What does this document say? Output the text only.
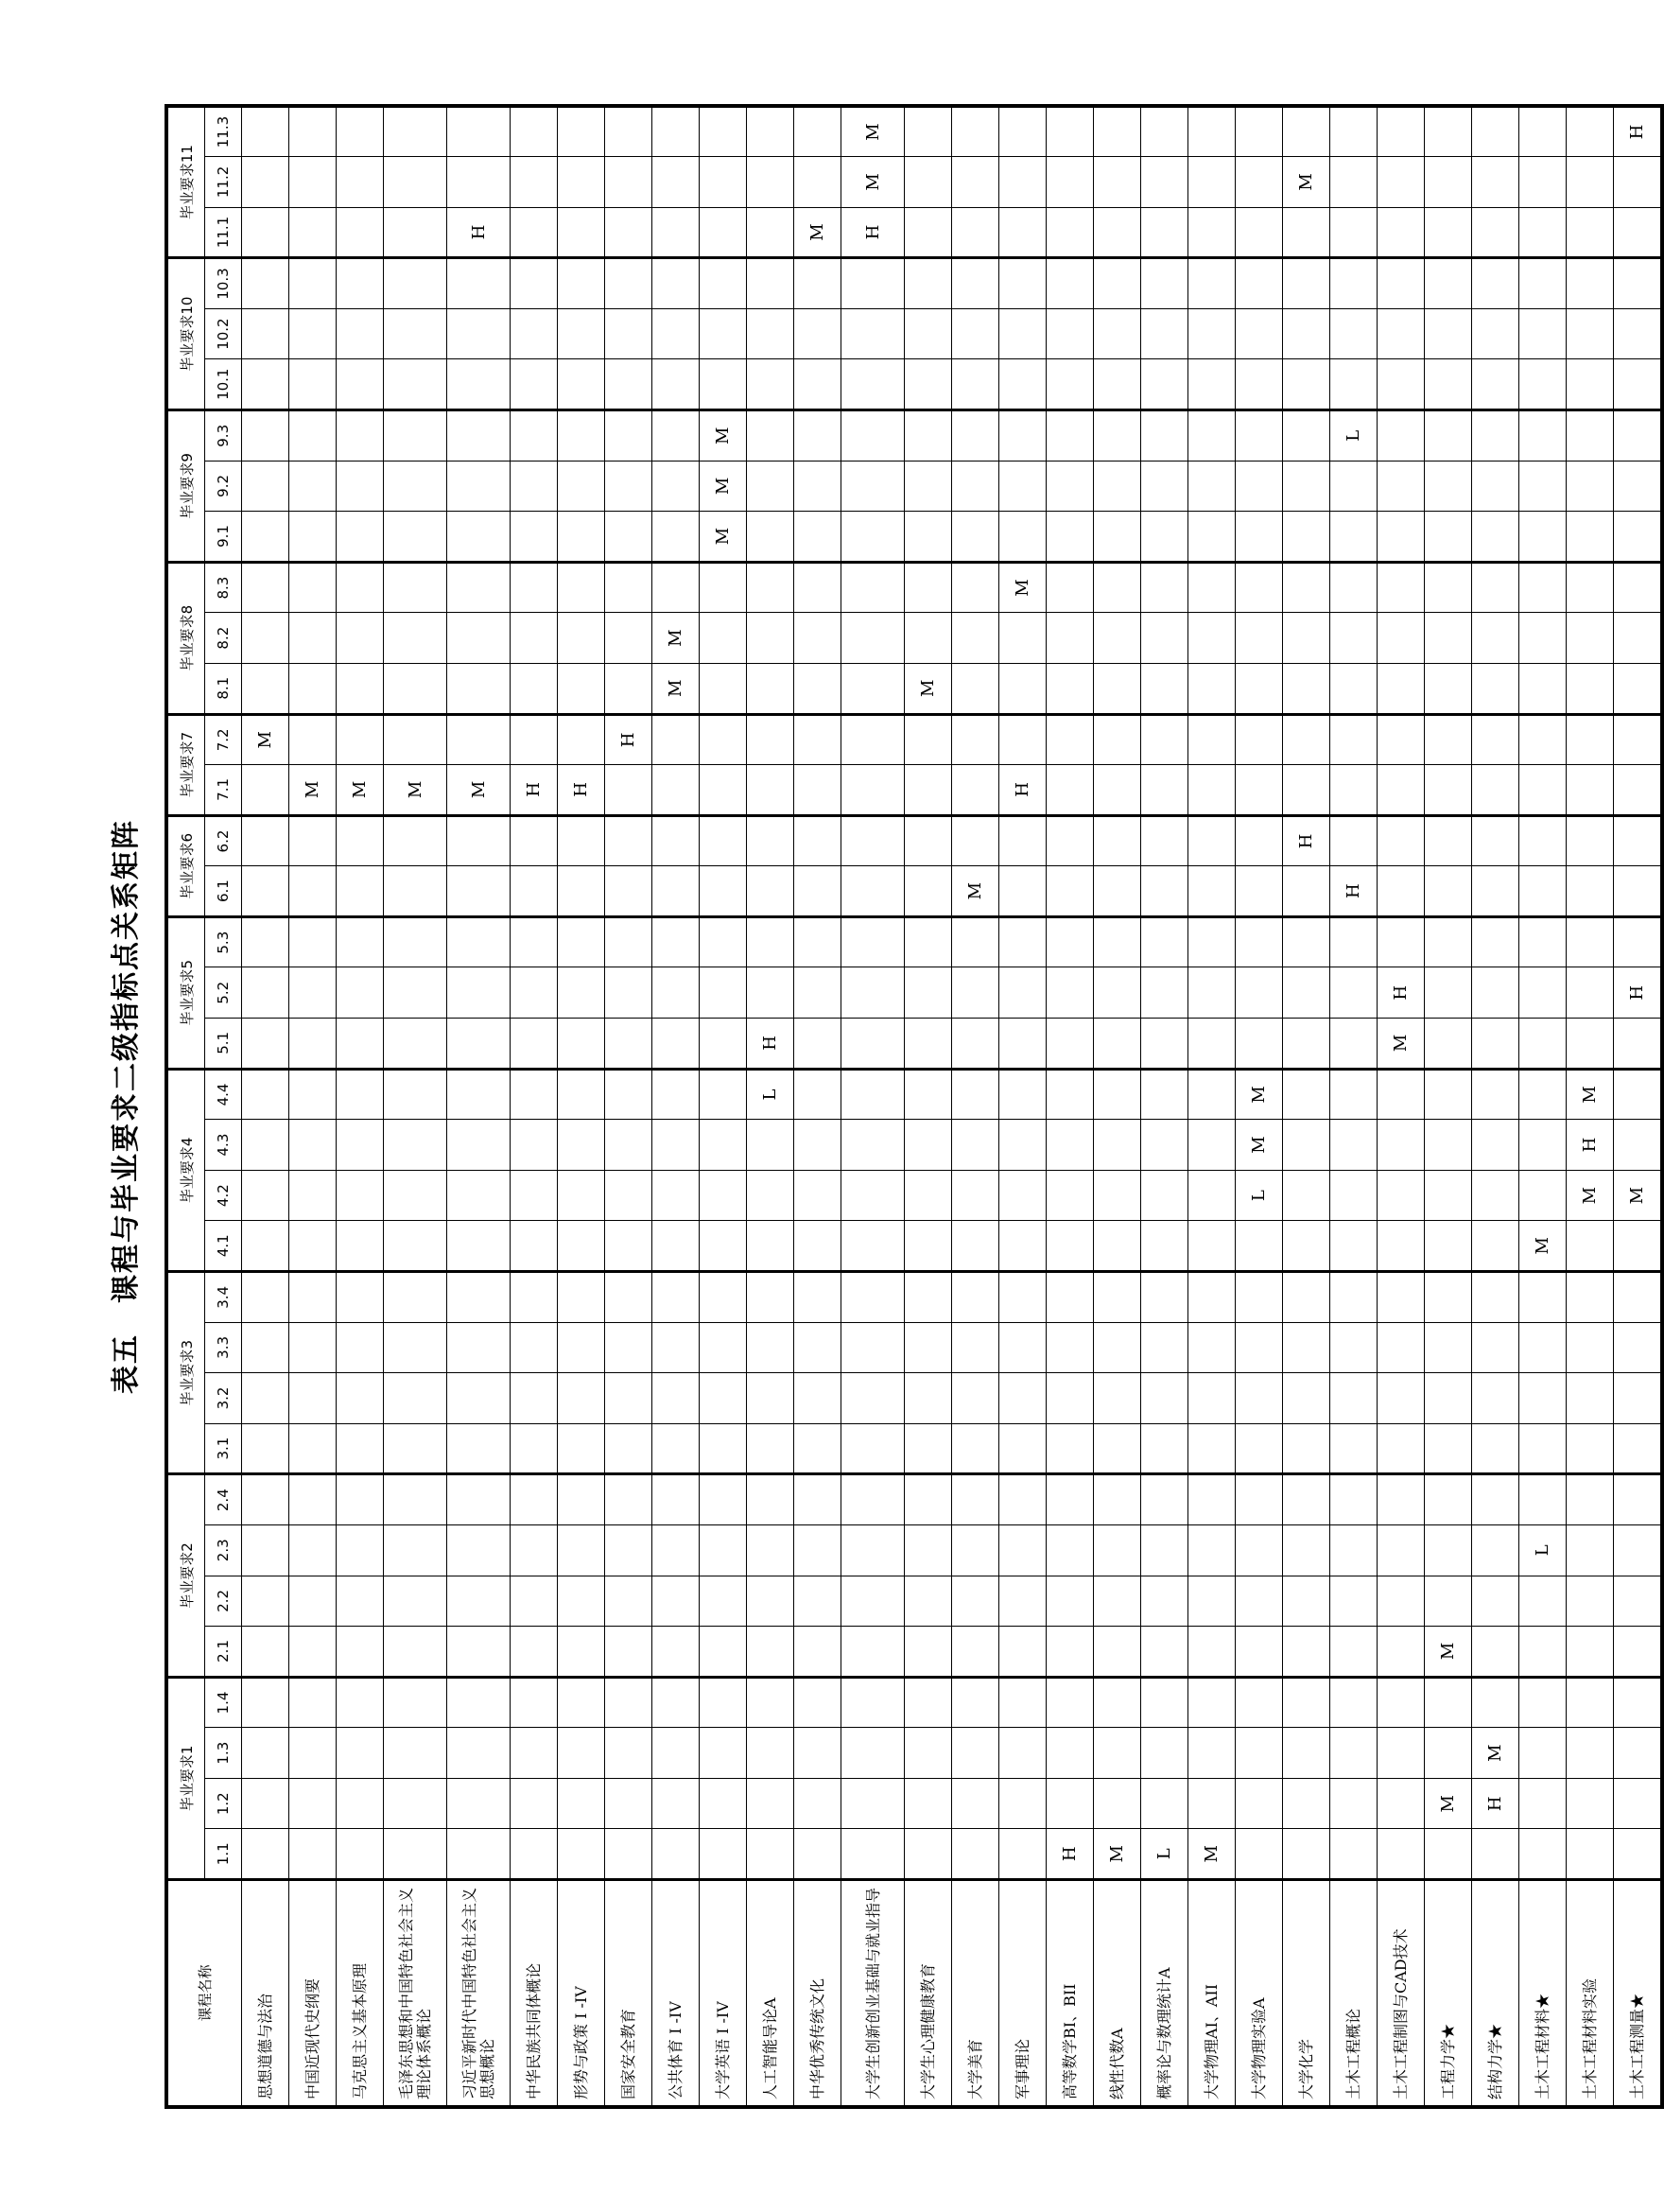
表五　课程与毕业要求二级指标点关系矩阵
课程名称	毕业要求1				毕业要求2				毕业要求3				毕业要求4				毕业要求5			毕业要求6		毕业要求7		毕业要求8			毕业要求9			毕业要求10			毕业要求11		
	1.1	1.2	1.3	1.4	2.1	2.2	2.3	2.4	3.1	3.2	3.3	3.4	4.1	4.2	4.3	4.4	5.1	5.2	5.3	6.1	6.2	7.1	7.2	8.1	8.2	8.3	9.1	9.2	9.3	10.1	10.2	10.3	11.1	11.2	11.3
思想道德与法治																							M												
中国近现代史纲要																						M													
马克思主义基本原理																						M													
毛泽东思想和中国特色社会主义理论体系概论																						M													
习近平新时代中国特色社会主义思想概论																						M											H		
中华民族共同体概论																						H													
形势与政策 I -IV																						H													
国家安全教育																							H												
公共体育 I -IV																								M	M										
大学英语 I -IV																											M	M	M						
人工智能导论A																L	H																		
中华优秀传统文化																																	M		
大学生创新创业基础与就业指导																																	H	M	M
大学生心理健康教育																								M											
大学美育																				M															
军事理论																						H				M									
高等数学BI、BII	H																																		
线性代数A	M																																		
概率论与数理统计A	L																																		
大学物理AI、AII	M																																		
大学物理实验A														L	M	M																			
大学化学																					H													M	
土木工程概论																				H									L						
土木工程制图与CAD技术																	M	H																	
工程力学★		M			M																														
结构力学★		H	M																																
土木工程材料★							L						M																						
土木工程材料实验														M	H	M																			
土木工程测量★														M				H																	H
